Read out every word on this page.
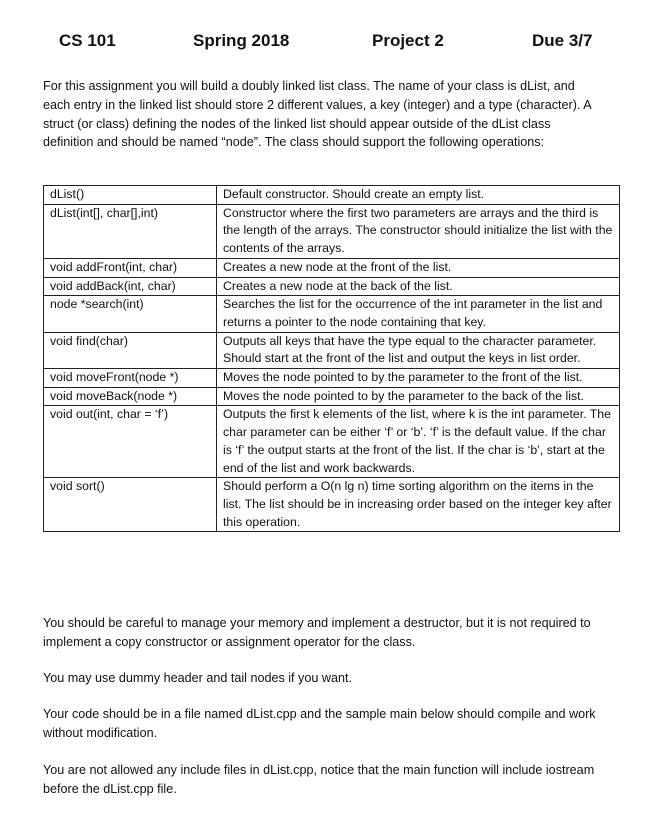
CS 101	Spring 2018	Project 2	Due 3/7

For this assignment you will build a doubly linked list class. The name of your class is dList, and each entry in the linked list should store 2 different values, a key (integer) and a type (character). A struct (or class) defining the nodes of the linked list should appear outside of the dList class definition and should be named “node”. The class should support the following operations:

dList()	Default constructor. Should create an empty list.
dList(int[], char[],int)	Constructor where the first two parameters are arrays and the third is the length of the arrays. The constructor should initialize the list with the contents of the arrays.
void addFront(int, char)	Creates a new node at the front of the list.
void addBack(int, char)	Creates a new node at the back of the list.
node *search(int)	Searches the list for the occurrence of the int parameter in the list and returns a pointer to the node containing that key.
void find(char)	Outputs all keys that have the type equal to the character parameter. Should start at the front of the list and output the keys in list order.
void moveFront(node *)	Moves the node pointed to by the parameter to the front of the list.
void moveBack(node *)	Moves the node pointed to by the parameter to the back of the list.
void out(int, char = ‘f’)	Outputs the first k elements of the list, where k is the int parameter. The char parameter can be either ‘f’ or ‘b’. ‘f’ is the default value. If the char is ‘f’ the output starts at the front of the list. If the char is ‘b’, start at the end of the list and work backwards.
void sort()	Should perform a O(n lg n) time sorting algorithm on the items in the list. The list should be in increasing order based on the integer key after this operation.

You should be careful to manage your memory and implement a destructor, but it is not required to implement a copy constructor or assignment operator for the class.

You may use dummy header and tail nodes if you want.

Your code should be in a file named dList.cpp and the sample main below should compile and work without modification.

You are not allowed any include files in dList.cpp, notice that the main function will include iostream before the dList.cpp file.
